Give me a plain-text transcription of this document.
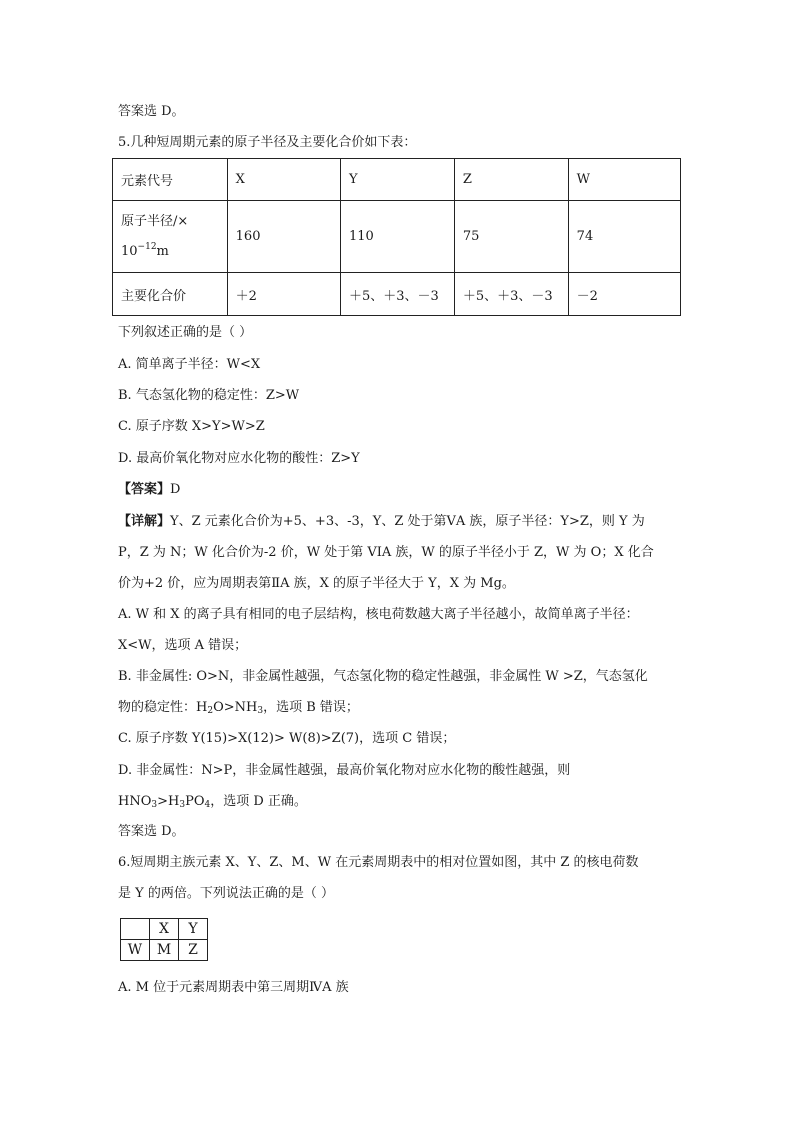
答案选 D。
5.几种短周期元素的原子半径及主要化合价如下表：
元素代号	X	Y	Z	W
原子半径/×
$10^{-12}m$	160	110	75	74
主要化合价	＋2	＋5、＋3、－3	＋5、＋3、－3	－2
下列叙述正确的是（ ）
A. 简单离子半径：W<X
B. 气态氢化物的稳定性：Z>W
C. 原子序数 X>Y>W>Z
D. 最高价氧化物对应水化物的酸性：Z>Y
【答案】D
【详解】Y、Z 元素化合价为+5、+3、-3，Y、Z 处于第ⅤA 族，原子半径：Y>Z，则 Y 为
P，Z 为 N；W 化合价为-2 价，W 处于第 VIA 族，W 的原子半径小于 Z，W 为 O；X 化合
价为+2 价，应为周期表第ⅡA 族，X 的原子半径大于 Y，X 为 Mg。
A. W 和 X 的离子具有相同的电子层结构，核电荷数越大离子半径越小，故简单离子半径：
X<W，选项 A 错误；
B. 非金属性: O>N，非金属性越强，气态氢化物的稳定性越强，非金属性 W >Z，气态氢化
物的稳定性：$H_2O>NH_3$，选项 B 错误；
C. 原子序数 Y(15)>X(12)> W(8)>Z(7)，选项 C 错误；
D. 非金属性：N>P，非金属性越强，最高价氧化物对应水化物的酸性越强，则
$HNO_3>H_3PO_4$，选项 D 正确。
答案选 D。
6.短周期主族元素 X、Y、Z、M、W 在元素周期表中的相对位置如图，其中 Z 的核电荷数
是 Y 的两倍。下列说法正确的是（ ）
	X	Y
W	M	Z
A. M 位于元素周期表中第三周期ⅣA 族
